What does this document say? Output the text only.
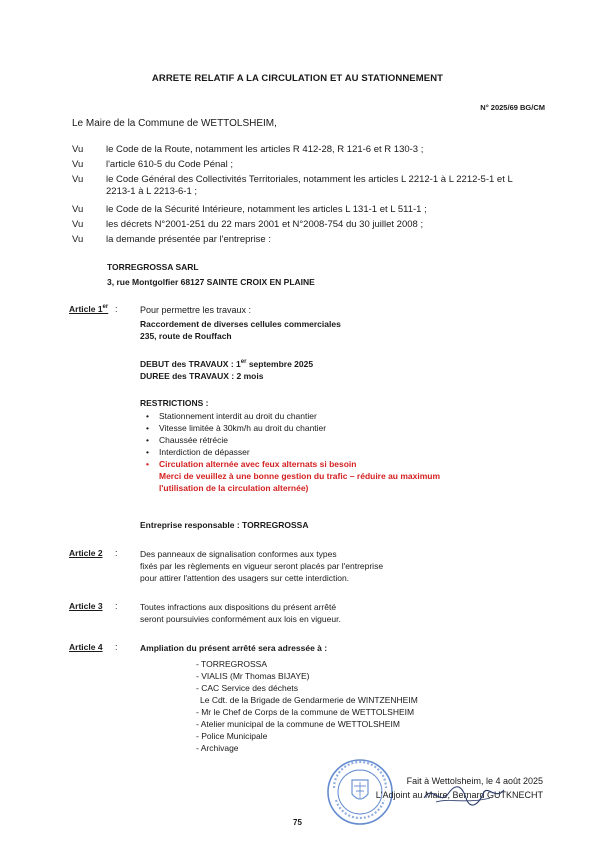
ARRETE RELATIF A LA CIRCULATION ET AU STATIONNEMENT
N° 2025/69 BG/CM
Le Maire de la Commune de WETTOLSHEIM,
Vu le Code de la Route, notamment les articles R 412-28, R 121-6 et R 130-3 ;
Vu l'article 610-5 du Code Pénal ;
Vu le Code Général des Collectivités Territoriales, notamment les articles L 2212-1 à L 2212-5-1 et L 2213-1 à L 2213-6-1 ;
Vu le Code de la Sécurité Intérieure, notamment les articles L 131-1 et L 511-1 ;
Vu les décrets N°2001-251 du 22 mars 2001 et N°2008-754 du 30 juillet 2008 ;
Vu la demande présentée par l'entreprise :
TORREGROSSA SARL
3, rue Montgolfier 68127 SAINTE CROIX EN PLAINE
Article 1er : Pour permettre les travaux :
Raccordement de diverses cellules commerciales
235, route de Rouffach
DEBUT des TRAVAUX : 1er septembre 2025
DUREE des TRAVAUX : 2 mois
RESTRICTIONS :
• Stationnement interdit au droit du chantier
• Vitesse limitée à 30km/h au droit du chantier
• Chaussée rétrécie
• Interdiction de dépasser
• Circulation alternée avec feux alternats si besoin
Merci de veuillez à une bonne gestion du trafic – réduire au maximum
l'utilisation de la circulation alternée)
Entreprise responsable : TORREGROSSA
Article 2 :	Des panneaux de signalisation conformes aux types
fixés par les règlements en vigueur seront placés par l'entreprise
pour attirer l'attention des usagers sur cette interdiction.
Article 3 :	Toutes infractions aux dispositions du présent arrêté
seront poursuivies conformément aux lois en vigueur.
Article 4 :	Ampliation du présent arrêté sera adressée à :
- TORREGROSSA
- VIALIS (Mr Thomas BIJAYE)
- CAC Service des déchets
Le Cdt. de la Brigade de Gendarmerie de WINTZENHEIM
- Mr le Chef de Corps de la commune de WETTOLSHEIM
- Atelier municipal de la commune de WETTOLSHEIM
- Police Municipale
- Archivage
Fait à Wettolsheim, le 4 août 2025
L'Adjoint au Maire, Bernard GUTKNECHT
75
